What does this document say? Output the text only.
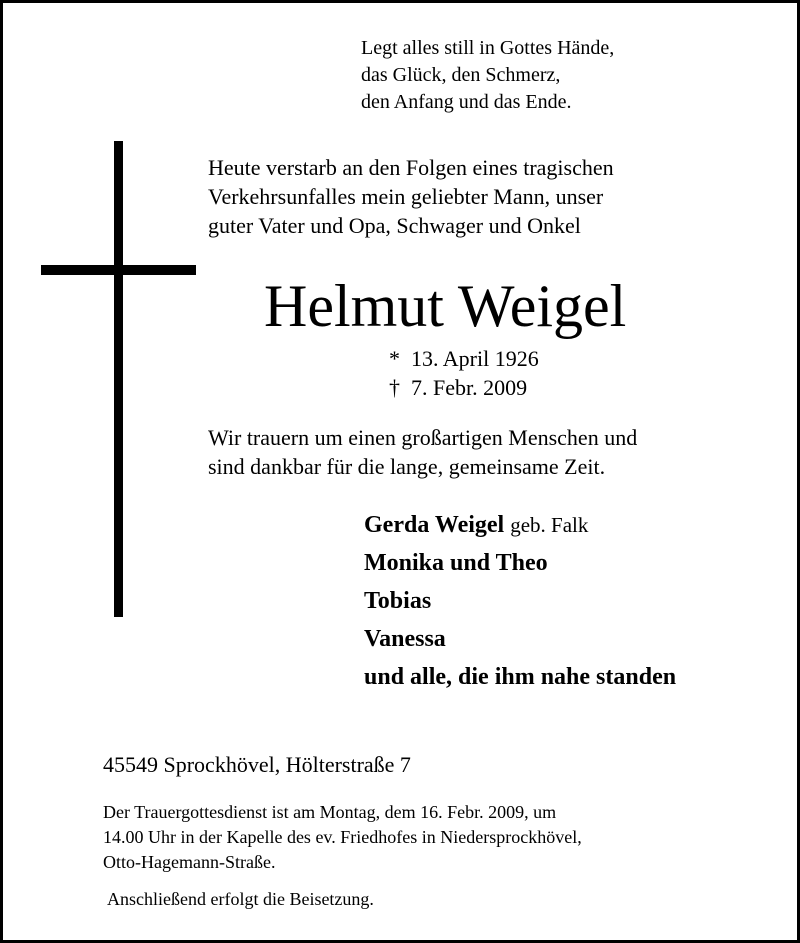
Legt alles still in Gottes Hände,
das Glück, den Schmerz,
den Anfang und das Ende.
Heute verstarb an den Folgen eines tragischen
Verkehrsunfalles mein geliebter Mann, unser
guter Vater und Opa, Schwager und Onkel
Helmut Weigel
* 13. April 1926
† 7. Febr. 2009
Wir trauern um einen großartigen Menschen und
sind dankbar für die lange, gemeinsame Zeit.
Gerda Weigel geb. Falk
Monika und Theo
Tobias
Vanessa
und alle, die ihm nahe standen
45549 Sprockhövel, Hölterstraße 7
Der Trauergottesdienst ist am Montag, dem 16. Febr. 2009, um
14.00 Uhr in der Kapelle des ev. Friedhofes in Niedersprockhövel,
Otto-Hagemann-Straße.
Anschließend erfolgt die Beisetzung.
